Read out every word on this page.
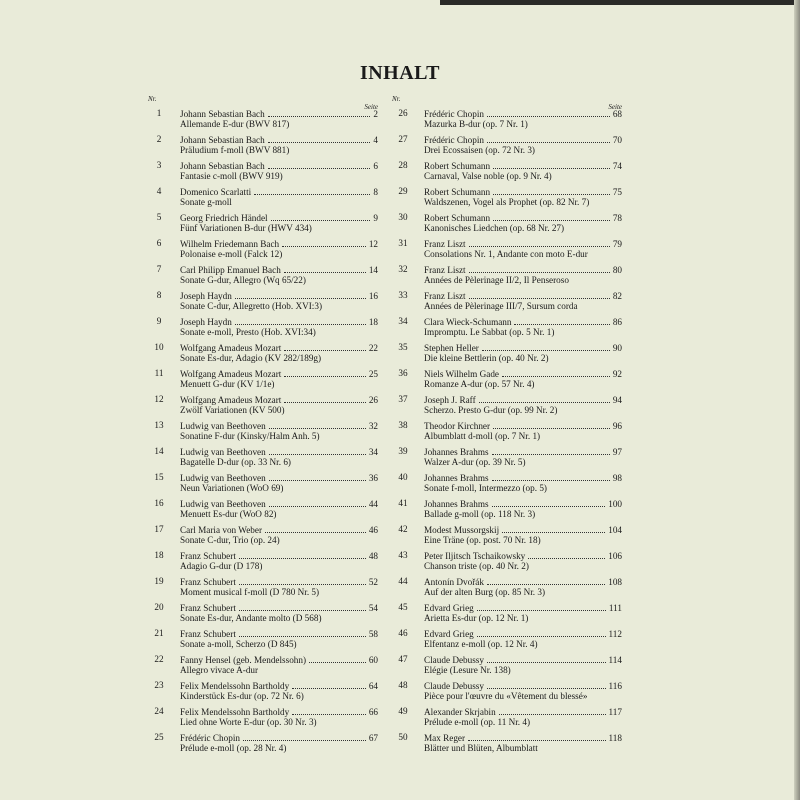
INHALT
Nr.
Seite
1	Johann Sebastian Bach	2
Allemande E-dur (BWV 817)
2	Johann Sebastian Bach	4
Präludium f-moll (BWV 881)
3	Johann Sebastian Bach	6
Fantasie c-moll (BWV 919)
4	Domenico Scarlatti	8
Sonate g-moll
5	Georg Friedrich Händel	9
Fünf Variationen B-dur (HWV 434)
6	Wilhelm Friedemann Bach	12
Polonaise e-moll (Falck 12)
7	Carl Philipp Emanuel Bach	14
Sonate G-dur, Allegro (Wq 65/22)
8	Joseph Haydn	16
Sonate C-dur, Allegretto (Hob. XVI:3)
9	Joseph Haydn	18
Sonate e-moll, Presto (Hob. XVI:34)
10	Wolfgang Amadeus Mozart	22
Sonate Es-dur, Adagio (KV 282/189g)
11	Wolfgang Amadeus Mozart	25
Menuett G-dur (KV 1/1e)
12	Wolfgang Amadeus Mozart	26
Zwölf Variationen (KV 500)
13	Ludwig van Beethoven	32
Sonatine F-dur (Kinsky/Halm Anh. 5)
14	Ludwig van Beethoven	34
Bagatelle D-dur (op. 33 Nr. 6)
15	Ludwig van Beethoven	36
Neun Variationen (WoO 69)
16	Ludwig van Beethoven	44
Menuett Es-dur (WoO 82)
17	Carl Maria von Weber	46
Sonate C-dur, Trio (op. 24)
18	Franz Schubert	48
Adagio G-dur (D 178)
19	Franz Schubert	52
Moment musical f-moll (D 780 Nr. 5)
20	Franz Schubert	54
Sonate Es-dur, Andante molto (D 568)
21	Franz Schubert	58
Sonate a-moll, Scherzo (D 845)
22	Fanny Hensel (geb. Mendelssohn)	60
Allegro vivace A-dur
23	Felix Mendelssohn Bartholdy	64
Kinderstück Es-dur (op. 72 Nr. 6)
24	Felix Mendelssohn Bartholdy	66
Lied ohne Worte E-dur (op. 30 Nr. 3)
25	Frédéric Chopin	67
Prélude e-moll (op. 28 Nr. 4)
Nr.
Seite
26	Frédéric Chopin	68
Mazurka B-dur (op. 7 Nr. 1)
27	Frédéric Chopin	70
Drei Ecossaisen (op. 72 Nr. 3)
28	Robert Schumann	74
Carnaval, Valse noble (op. 9 Nr. 4)
29	Robert Schumann	75
Waldszenen, Vogel als Prophet (op. 82 Nr. 7)
30	Robert Schumann	78
Kanonisches Liedchen (op. 68 Nr. 27)
31	Franz Liszt	79
Consolations Nr. 1, Andante con moto E-dur
32	Franz Liszt	80
Années de Pèlerinage II/2, Il Penseroso
33	Franz Liszt	82
Années de Pèlerinage III/7, Sursum corda
34	Clara Wieck-Schumann	86
Impromptu. Le Sabbat (op. 5 Nr. 1)
35	Stephen Heller	90
Die kleine Bettlerin (op. 40 Nr. 2)
36	Niels Wilhelm Gade	92
Romanze A-dur (op. 57 Nr. 4)
37	Joseph J. Raff	94
Scherzo. Presto G-dur (op. 99 Nr. 2)
38	Theodor Kirchner	96
Albumblatt d-moll (op. 7 Nr. 1)
39	Johannes Brahms	97
Walzer A-dur (op. 39 Nr. 5)
40	Johannes Brahms	98
Sonate f-moll, Intermezzo (op. 5)
41	Johannes Brahms	100
Ballade g-moll (op. 118 Nr. 3)
42	Modest Mussorgskij	104
Eine Träne (op. post. 70 Nr. 18)
43	Peter Iljitsch Tschaikowsky	106
Chanson triste (op. 40 Nr. 2)
44	Antonín Dvořák	108
Auf der alten Burg (op. 85 Nr. 3)
45	Edvard Grieg	111
Arietta Es-dur (op. 12 Nr. 1)
46	Edvard Grieg	112
Elfentanz e-moll (op. 12 Nr. 4)
47	Claude Debussy	114
Elégie (Lesure Nr. 138)
48	Claude Debussy	116
Pièce pour l'œuvre du «Vêtement du blessé»
49	Alexander Skrjabin	117
Prélude e-moll (op. 11 Nr. 4)
50	Max Reger	118
Blätter und Blüten, Albumblatt
